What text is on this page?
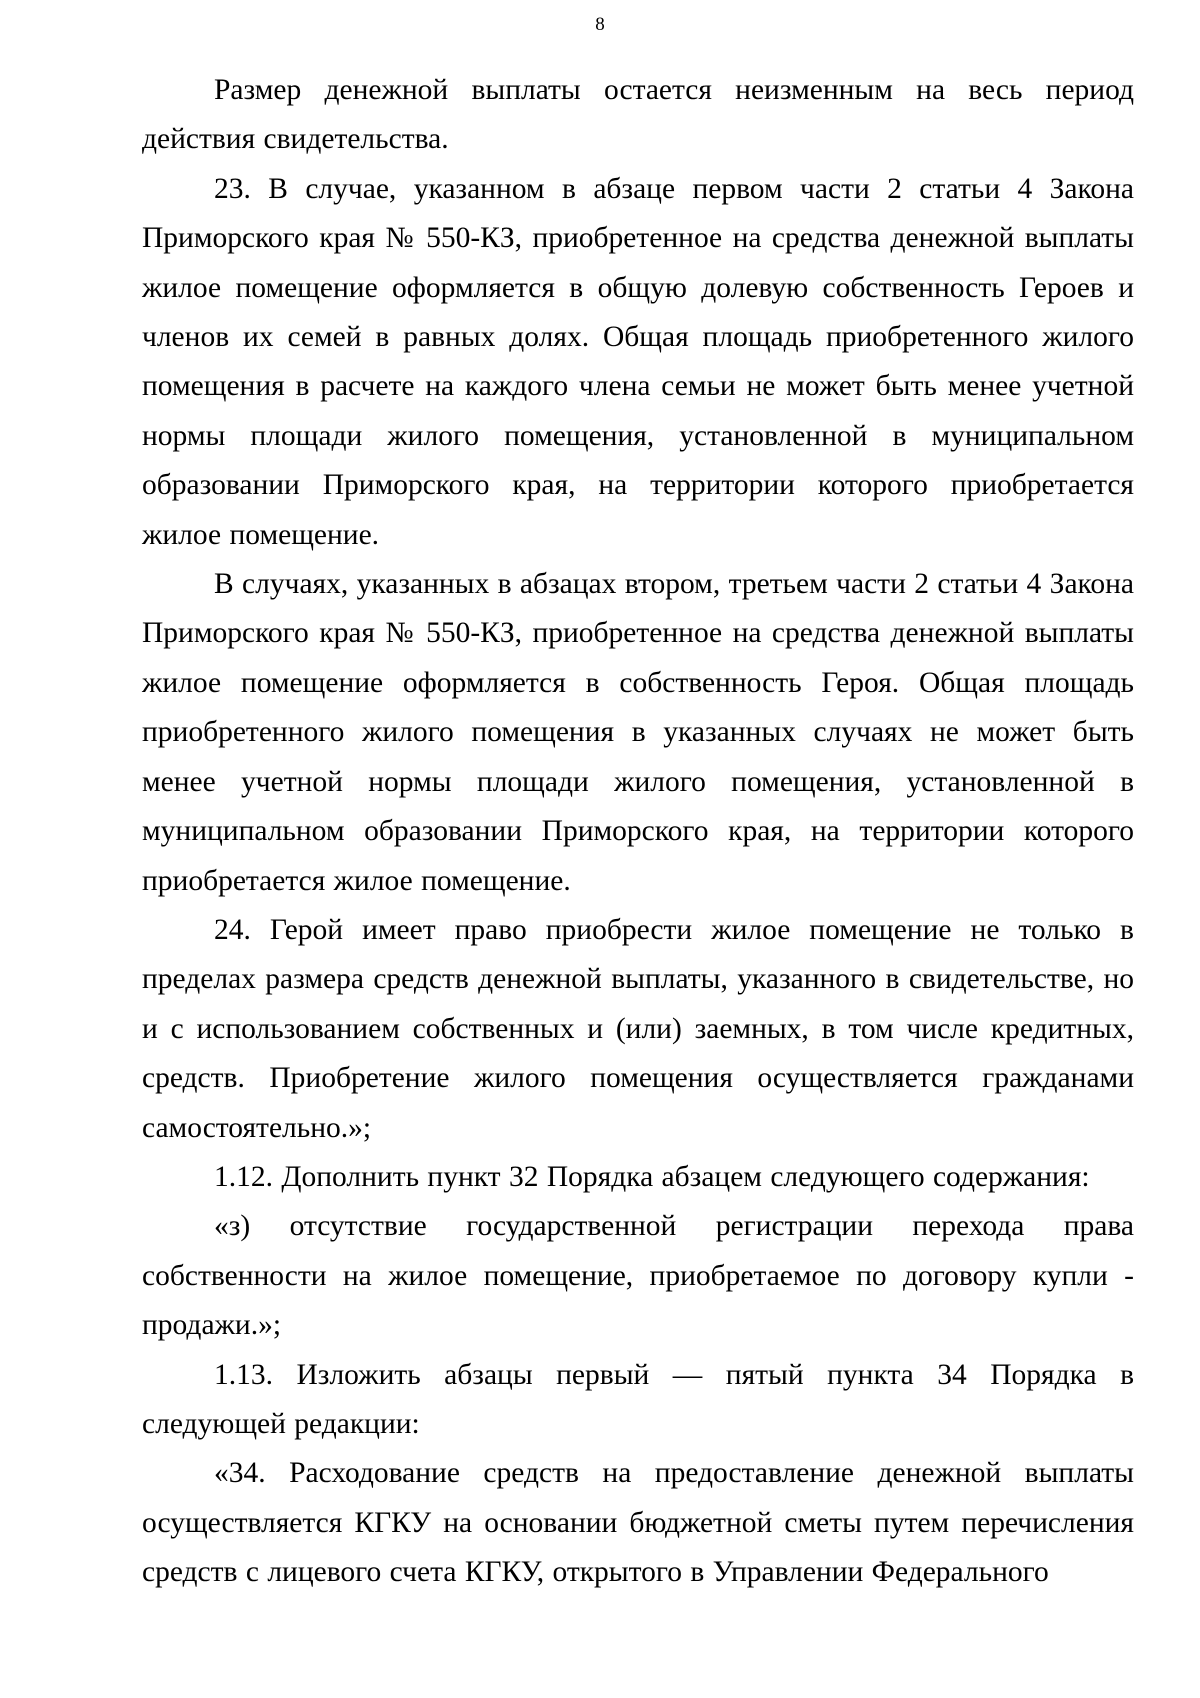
8

Размер денежной выплаты остается неизменным на весь период действия свидетельства.

23. В случае, указанном в абзаце первом части 2 статьи 4 Закона Приморского края № 550-КЗ, приобретенное на средства денежной выплаты жилое помещение оформляется в общую долевую собственность Героев и членов их семей в равных долях. Общая площадь приобретенного жилого помещения в расчете на каждого члена семьи не может быть менее учетной нормы площади жилого помещения, установленной в муниципальном образовании Приморского края, на территории которого приобретается жилое помещение.

В случаях, указанных в абзацах втором, третьем части 2 статьи 4 Закона Приморского края № 550-КЗ, приобретенное на средства денежной выплаты жилое помещение оформляется в собственность Героя. Общая площадь приобретенного жилого помещения в указанных случаях не может быть менее учетной нормы площади жилого помещения, установленной в муниципальном образовании Приморского края, на территории которого приобретается жилое помещение.

24. Герой имеет право приобрести жилое помещение не только в пределах размера средств денежной выплаты, указанного в свидетельстве, но и с использованием собственных и (или) заемных, в том числе кредитных, средств. Приобретение жилого помещения осуществляется гражданами самостоятельно.»;

1.12. Дополнить пункт 32 Порядка абзацем следующего содержания:

«з) отсутствие государственной регистрации перехода права собственности на жилое помещение, приобретаемое по договору купли - продажи.»;

1.13. Изложить абзацы первый — пятый пункта 34 Порядка в следующей редакции:

«34. Расходование средств на предоставление денежной выплаты осуществляется КГКУ на основании бюджетной сметы путем перечисления средств с лицевого счета КГКУ, открытого в Управлении Федерального
